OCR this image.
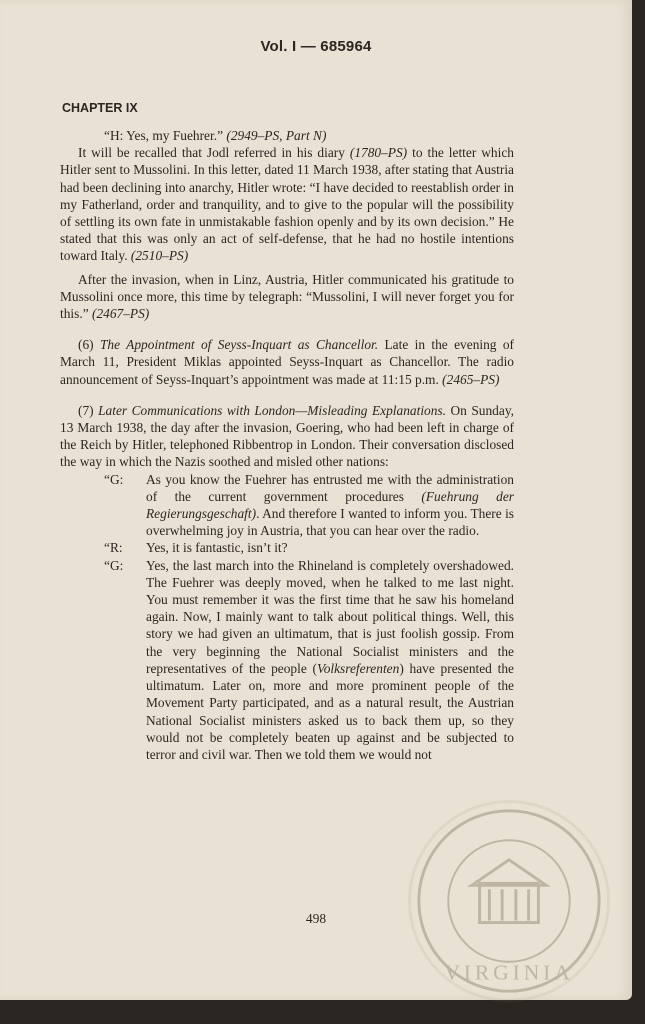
Vol. I — 685964
CHAPTER IX

“H: Yes, my Fuehrer.” (2949–PS, Part N)

It will be recalled that Jodl referred in his diary (1780–PS) to the letter which Hitler sent to Mussolini. In this letter, dated 11 March 1938, after stating that Austria had been declining into anarchy, Hitler wrote: “I have decided to reestablish order in my Fatherland, order and tranquility, and to give to the popular will the possibility of settling its own fate in unmistakable fashion openly and by its own decision.” He stated that this was only an act of self-defense, that he had no hostile intentions toward Italy. (2510–PS)

After the invasion, when in Linz, Austria, Hitler communicated his gratitude to Mussolini once more, this time by telegraph: “Mussolini, I will never forget you for this.” (2467–PS)

(6) The Appointment of Seyss-Inquart as Chancellor. Late in the evening of March 11, President Miklas appointed Seyss-Inquart as Chancellor. The radio announcement of Seyss-Inquart’s appointment was made at 11:15 p.m. (2465–PS)

(7) Later Communications with London—Misleading Explanations. On Sunday, 13 March 1938, the day after the invasion, Goering, who had been left in charge of the Reich by Hitler, telephoned Ribbentrop in London. Their conversation disclosed the way in which the Nazis soothed and misled other nations:

“G:	As you know the Fuehrer has entrusted me with the administration of the current government procedures (Fuehrung der Regierungsgeschaft). And therefore I wanted to inform you. There is overwhelming joy in Austria, that you can hear over the radio.
“R:	Yes, it is fantastic, isn’t it?
“G:	Yes, the last march into the Rhineland is completely overshadowed. The Fuehrer was deeply moved, when he talked to me last night. You must remember it was the first time that he saw his homeland again. Now, I mainly want to talk about political things. Well, this story we had given an ultimatum, that is just foolish gossip. From the very beginning the National Socialist ministers and the representatives of the people (Volksreferenten) have presented the ultimatum. Later on, more and more prominent people of the Movement Party participated, and as a natural result, the Austrian National Socialist ministers asked us to back them up, so they would not be completely beaten up against and be subjected to terror and civil war. Then we told them we would not
498
VIRGINIA
